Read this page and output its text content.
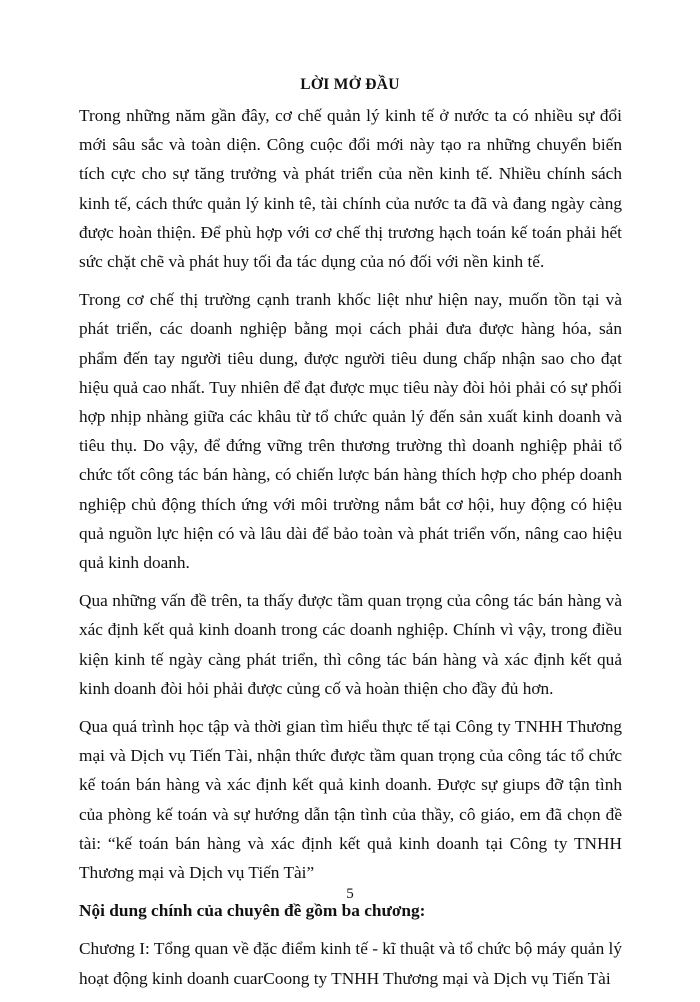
LỜI MỞ ĐẦU

Trong những năm gần đây, cơ chế quản lý kinh tế ở nước ta có nhiều sự đổi mới sâu sắc và toàn diện. Công cuộc đổi mới này tạo ra những chuyển biến tích cực cho sự tăng trưởng và phát triển của nền kinh tế. Nhiều chính sách kinh tế, cách thức quản lý kinh tê, tài chính của nước ta đã và đang ngày càng được hoàn thiện. Để phù hợp với cơ chế thị trương hạch toán kế toán phải hết sức chặt chẽ và phát huy tối đa tác dụng của nó đối với nền kinh tế.

Trong cơ chế thị trường cạnh tranh khốc liệt như hiện nay, muốn tồn tại và phát triển, các doanh nghiệp bằng mọi cách phải đưa được hàng hóa, sản phẩm đến tay người tiêu dung, được người tiêu dung chấp nhận sao cho đạt hiệu quả cao nhất. Tuy nhiên để đạt được mục tiêu này đòi hỏi phải có sự phối hợp nhịp nhàng giữa các khâu từ tổ chức quản lý đến sản xuất kinh doanh và tiêu thụ. Do vậy, để đứng vững trên thương trường thì doanh nghiệp phải tổ chức tốt công tác bán hàng, có chiến lược bán hàng thích hợp cho phép doanh nghiệp chủ động thích ứng với môi trường nắm bắt cơ hội, huy động có hiệu quả nguồn lực hiện có và lâu dài để bảo toàn và phát triển vốn, nâng cao hiệu quả kinh doanh.

Qua những vấn đề trên, ta thấy được tầm quan trọng của công tác bán hàng và xác định kết quả kinh doanh trong các doanh nghiệp. Chính vì vậy, trong điều kiện kinh tế ngày càng phát triển, thì công tác bán hàng và xác định kết quả kinh doanh đòi hỏi phải được củng cố và hoàn thiện cho đầy đủ hơn.

Qua quá trình học tập và thời gian tìm hiểu thực tế tại Công ty TNHH Thương mại và Dịch vụ Tiến Tài, nhận thức được tầm quan trọng của công tác tổ chức kế toán bán hàng và xác định kết quả kinh doanh. Được sự giups đỡ tận tình của phòng kế toán và sự hướng dẫn tận tình của thầy, cô giáo, em đã chọn đề tài: “kế toán bán hàng và xác định kết quả kinh doanh tại Công ty TNHH Thương mại và Dịch vụ Tiến Tài”

Nội dung chính của chuyên đề gồm ba chương:

Chương I: Tổng quan về đặc điểm kinh tế - kĩ thuật và tổ chức bộ máy quản lý hoạt động kinh doanh cuarCoong ty TNHH Thương mại và Dịch vụ Tiến Tài

5
